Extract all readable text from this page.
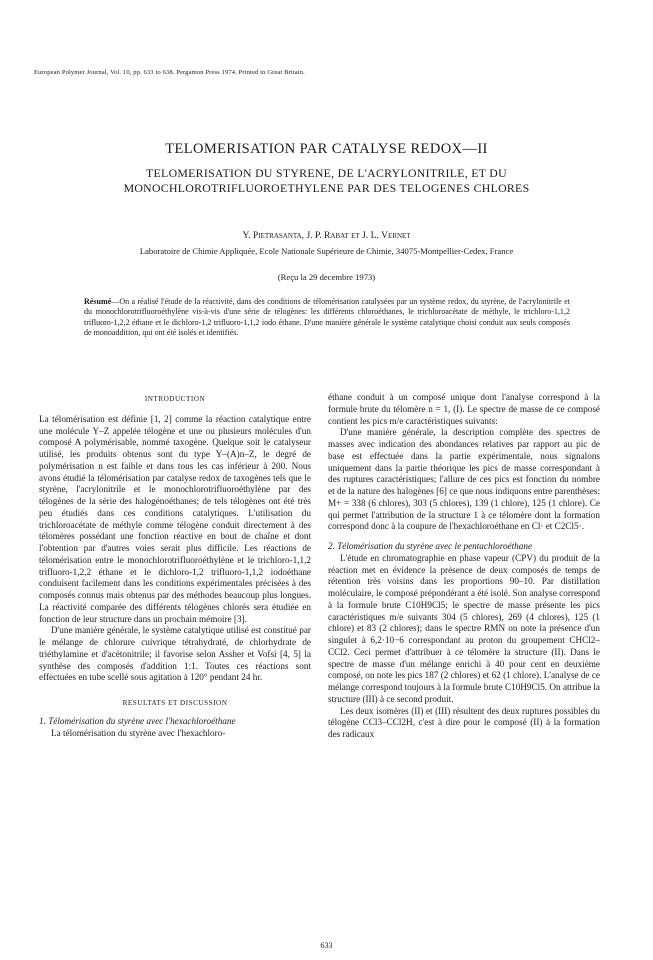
European Polymer Journal, Vol. 10, pp. 633 to 638. Pergamon Press 1974. Printed in Great Britain.
TELOMERISATION PAR CATALYSE REDOX—II
TELOMERISATION DU STYRENE, DE L'ACRYLONITRILE, ET DU MONOCHLOROTRIFLUOROETHYLENE PAR DES TELOGENES CHLORES
Y. Pietrasanta, J. P. Rabat et J. L. Vernet
Laboratoire de Chimie Appliquée, Ecole Nationale Supérieure de Chimie, 34075-Montpellier-Cedex, France
(Reçu la 29 decembre 1973)
Résumé—On a réalisé l'étude de la réactivité, dans des conditions de télomérisation catalysées par un système redox, du styrène, de l'acrylonitrile et du monochlorotrifluoroéthylène vis-à-vis d'une série de télogènes: les différents chloroéthanes, le trichloroacétate de méthyle, le trichloro-1,1,2 trifluoro-1,2,2 éthane et le dichloro-1,2 trifluoro-1,1,2 iodo éthane. D'une manière générale le système catalytique choisi conduit aux seuls composés de monoaddition, qui ont été isolés et identifiés.
INTRODUCTION

La télomérisation est définie [1, 2] comme la réaction catalytique entre une molécule Y–Z appelée télogène et une ou plusieurs molécules d'un composé A polymérisable, nommé taxogène. Quelque soit le catalyseur utilisé, les produits obtenus sont du type Y–(A)n–Z, le degré de polymérisation n est faible et dans tous les cas inférieur à 200. Nous avons étudié la télomérisation par catalyse redox de taxogènes tels que le styrène, l'acrylonitrile et le monochlorotrifluoroéthylène par des télogènes de la série des halogénoéthanes; de tels télogènes ont été très peu étudiés dans ces conditions catalytiques. L'utilisation du trichloroacétate de méthyle comme télogène conduit directement à des télomères possédant une fonction réactive en bout de chaîne et dont l'obtention par d'autres voies serait plus difficile. Les réactions de télomérisation entre le monochlorotrifluoroéthylène et le trichloro-1,1,2 trifluoro-1,2,2 éthane et le dichloro-1,2 trifluoro-1,1,2 iodoéthane conduisent facilement dans les conditions expérimentales précisées à des composés connus mais obtenus par des méthodes beaucoup plus longues. La réactivité comparée des différents télogènes chlorés sera étudiée en fonction de leur structure dans un prochain mémoire [3].

D'une manière générale, le système catalytique utilisé est constitué par le mélange de chlorure cuivrique tétrahydraté, de chlorhydrate de triéthylamine et d'acétonitrile; il favorise selon Assher et Vofsi [4, 5] la synthèse des composés d'addition 1:1. Toutes ces réactions sont effectuées en tube scellé sous agitation à 120° pendant 24 hr.

RESULTATS ET DISCUSSION

1. Télomérisation du styrène avec l'hexachloroéthane

La télomérisation du styrène avec l'hexachloro-

éthane conduit à un composé unique dont l'analyse correspond à la formule brute du télomère n = 1, (I). Le spectre de masse de ce composé contient les pics m/e caractéristiques suivants:

D'une manière générale, la description complète des spectres de masses avec indication des abondances relatives par rapport au pic de base est effectuée dans la partie expérimentale, nous signalons uniquement dans la partie théorique les pics de masse correspondant à des ruptures caractéristiques; l'allure de ces pics est fonction du nombre et de la nature des halogènes [6] ce que nous indiquons entre parenthèses: M+ = 338 (6 chlores), 303 (5 chlores), 139 (1 chlore), 125 (1 chlore). Ce qui permet l'attribution de la structure 1 à ce télomère dont la formation correspond donc à la coupure de l'hexachloroéthane en Cl· et C2Cl5·.

2. Télomérisation du styrène avec le pentachloroéthane

L'étude en chromatographie en phase vapeur (CPV) du produit de la réaction met en évidence la présence de deux composés de temps de rétention très voisins dans les proportions 90–10. Par distillation moléculaire, le composé prépondérant a été isolé. Son analyse correspond à la formule brute C10H9Cl5; le spectre de masse présente les pics caractéristiques m/e suivants 304 (5 chlores), 269 (4 chlores), 125 (1 chlore) et 83 (2 chlores); dans le spectre RMN on note la présence d'un singulet à 6,2·10−6 correspondant au proton du groupement CHCl2–CCl2. Ceci permet d'attribuer à ce télomère la structure (II). Dans le spectre de masse d'un mélange enrichi à 40 pour cent en deuxième composé, on note les pics 187 (2 chlores) et 62 (1 chlore). L'analyse de ce mélange correspond toujours à la formule brute C10H9Cl5. On attribue la structure (III) à ce second produit.

Les deux isomères (II) et (III) résultent des deux ruptures possibles du télogène CCl3–CCl2H, c'est à dire pour le composé (II) à la formation des radicaux

633
